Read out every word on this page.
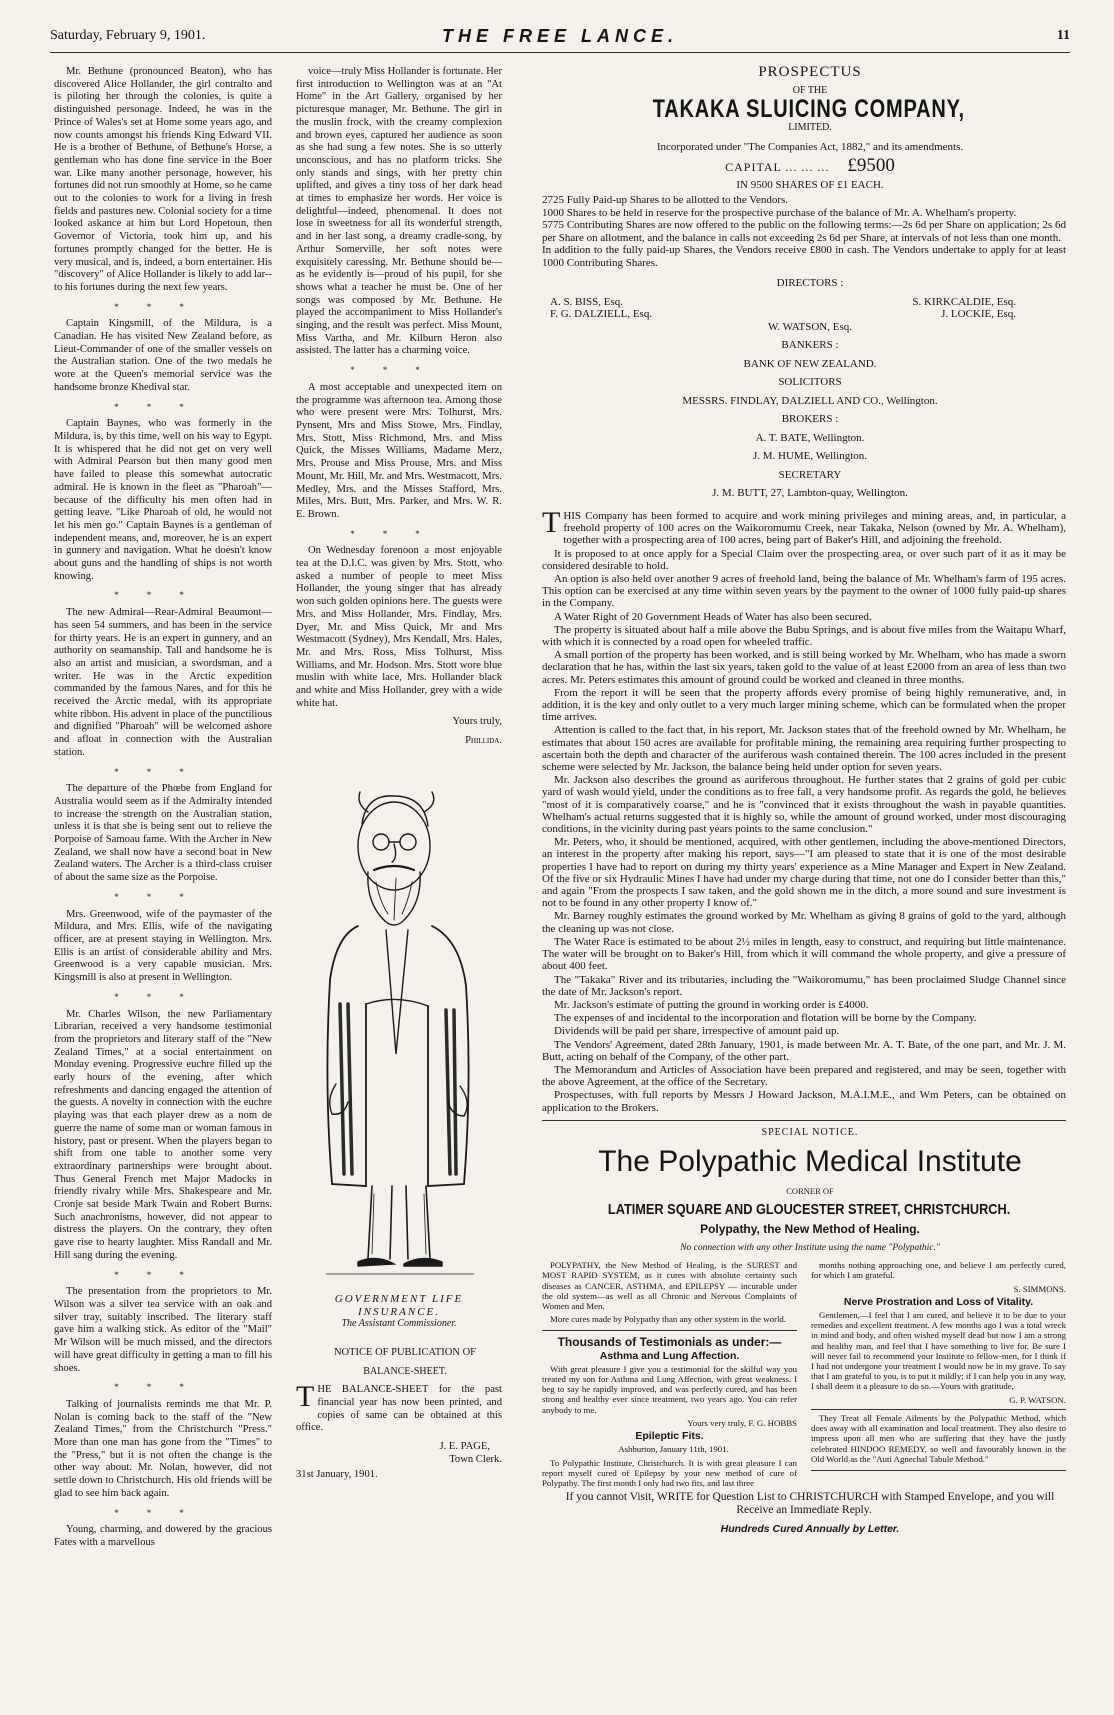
Saturday, February 9, 1901.	THE FREE LANCE.	11

Mr. Bethune (pronounced Beaton), who has discovered Alice Hollander, the girl contralto and is piloting her through the colonies, is quite a distinguished personage. Indeed, he was in the Prince of Wales's set at Home some years ago, and now counts amongst his friends King Edward VII. He is a brother of Bethune, of Bethune's Horse, a gentleman who has done fine service in the Boer war. Like many another personage, however, his fortunes did not run smoothly at Home, so he came out to the colonies to work for a living in fresh fields and pastures new. Colonial society for a time looked askance at him but Lord Hopetoun, then Governor of Victoria, took him up, and his fortunes promptly changed for the better. He is very musical, and is, indeed, a born entertainer. His "discovery" of Alice Hollander is likely to add lar-- to his fortunes during the next few years.

***

Captain Kingsmill, of the Mildura, is a Canadian. He has visited New Zealand before, as Lieut-Commander of one of the smaller vessels on the Australian station. One of the two medals he wore at the Queen's memorial service was the handsome bronze Khedival star.

***

Captain Baynes, who was formerly in the Mildura, is, by this time, well on his way to Egypt. It is whispered that he did not get on very well with Admiral Pearson but then many good men have failed to please this somewhat autocratic admiral. He is known in the fleet as "Pharoah"—because of the difficulty his men often had in getting leave. "Like Pharoah of old, he would not let his men go." Captain Baynes is a gentleman of independent means, and, moreover, he is an expert in gunnery and navigation. What he doesn't know about guns and the handling of ships is not worth knowing.

***

The new Admiral—Rear-Admiral Beaumont—has seen 54 summers, and has been in the service for thirty years. He is an expert in gunnery, and an authority on seamanship. Tall and handsome he is also an artist and musician, a swordsman, and a writer. He was in the Arctic expedition commanded by the famous Nares, and for this he received the Arctic medal, with its appropriate white ribbon. His advent in place of the punctilious and dignified "Pharoah" will be welcomed ashore and afloat in connection with the Australian station.

***

The departure of the Phœbe from England for Australia would seem as if the Admiralty intended to increase the strength on the Australian station, unless it is that she is being sent out to relieve the Porpoise of Samoau fame. With the Archer in New Zealand, we shall now have a second boat in New Zealand waters. The Archer is a third-class cruiser of about the same size as the Porpoise.

***

Mrs. Greenwood, wife of the paymaster of the Mildura, and Mrs. Ellis, wife of the navigating officer, are at present staying in Wellington. Mrs. Ellis is an artist of considerable ability and Mrs. Greenwood is a very capable musician. Mrs. Kingsmill is also at present in Wellington.

***

Mr. Charles Wilson, the new Parliamentary Librarian, received a very handsome testimonial from the proprietors and literary staff of the "New Zealand Times," at a social entertainment on Monday evening. Progressive euchre filled up the early hours of the evening, after which refreshments and dancing engaged the attention of the guests. A novelty in connection with the euchre playing was that each player drew as a nom de guerre the name of some man or woman famous in history, past or present. When the players began to shift from one table to another some very extraordinary partnerships were brought about. Thus General French met Major Madocks in friendly rivalry while Mrs. Shakespeare and Mr. Cronje sat beside Mark Twain and Robert Burns. Such anachronisms, however, did not appear to distress the players. On the contrary, they often gave rise to hearty laughter. Miss Randall and Mr. Hill sang during the evening.

***

The presentation from the proprietors to Mr. Wilson was a silver tea service with an oak and silver tray, suitably inscribed. The literary staff gave him a walking stick. As editor of the "Mail" Mr Wilson will be much missed, and the directors will have great difficulty in getting a man to fill his shoes.

***

Talking of journalists reminds me that Mr. P. Nolan is coming back to the staff of the "New Zealand Times," from the Christchurch "Press." More than one man has gone from the "Times" to the "Press," but it is not often the change is the other way about. Mr. Nolan, however, did not settle down to Christchurch. His old friends will be glad to see him back again.

***

Young, charming, and dowered by the gracious Fates with a marvellous

voice—truly Miss Hollander is fortunate. Her first introduction to Wellington was at an "At Home" in the Art Gallery, organised by her picturesque manager, Mr. Bethune. The girl in the muslin frock, with the creamy complexion and brown eyes, captured her audience as soon as she had sung a few notes. She is so utterly unconscious, and has no platform tricks. She only stands and sings, with her pretty chin uplifted, and gives a tiny toss of her dark head at times to emphasize her words. Her voice is delightful—indeed, phenomenal. It does not lose in sweetness for all its wonderful strength, and in her last song, a dreamy cradle-song, by Arthur Somerville, her soft notes were exquisitely caressing. Mr. Bethune should be—as he evidently is—proud of his pupil, for she shows what a teacher he must be. One of her songs was composed by Mr. Bethune. He played the accompaniment to Miss Hollander's singing, and the result was perfect. Miss Mount, Miss Vartha, and Mr. Kilburn Heron also assisted. The latter has a charming voice.

***

A most acceptable and unexpected item on the programme was afternoon tea. Among those who were present were Mrs. Tolhurst, Mrs. Pynsent, Mrs and Miss Stowe, Mrs. Findlay, Mrs. Stott, Miss Richmond, Mrs. and Miss Quick, the Misses Williams, Madame Merz, Mrs. Prouse and Miss Prouse, Mrs. and Miss Mount, Mr. Hill, Mr. and Mrs. Westmacott, Mrs. Medley, Mrs. and the Misses Stafford, Mrs. Miles, Mrs. Butt, Mrs. Parker, and Mrs. W. R. E. Brown.

***

On Wednesday forenoon a most enjoyable tea at the D.I.C. was given by Mrs. Stott, who asked a number of people to meet Miss Hollander, the young singer that has already won such golden opinions here. The guests were Mrs. and Miss Hollander, Mrs. Findlay, Mrs. Dyer, Mr. and Miss Quick, Mr and Mrs Westmacott (Sydney), Mrs Kendall, Mrs. Hales, Mr. and Mrs. Ross, Miss Tolhurst, Miss Williams, and Mr. Hodson. Mrs. Stott wore blue muslin with white lace, Mrs. Hollander black and white and Miss Hollander, grey with a wide white hat.

Yours truly,

Phillida.

GOVERNMENT LIFE INSURANCE.
The Assistant Commissioner.

NOTICE OF PUBLICATION OF

BALANCE-SHEET.

THE BALANCE-SHEET for the past financial year has now been printed, and copies of same can be obtained at this office.

J. E. PAGE,

Town Clerk.

31st January, 1901.

PROSPECTUS

OF THE

TAKAKA SLUICING COMPANY,

LIMITED.

Incorporated under "The Companies Act, 1882," and its amendments.

CAPITAL ... ... ... £9500

IN 9500 SHARES OF £1 EACH.

2725 Fully Paid-up Shares to be allotted to the Vendors.

1000 Shares to be held in reserve for the prospective purchase of the balance of Mr. A. Whelham's property.

5775 Contributing Shares are now offered to the public on the following terms:—2s 6d per Share on application; 2s 6d per Share on allotment, and the balance in calls not exceeding 2s 6d per Share, at intervals of not less than one month.

In addition to the fully paid-up Shares, the Vendors receive £800 in cash. The Vendors undertake to apply for at least 1000 Contributing Shares.

DIRECTORS :

A. S. BISS, Esq.	S. KIRKCALDIE, Esq.
F. G. DALZIELL, Esq.	J. LOCKIE, Esq.

W. WATSON, Esq.

BANKERS :

BANK OF NEW ZEALAND.

SOLICITORS

MESSRS. FINDLAY, DALZIELL AND CO., Wellington.

BROKERS :

A. T. BATE, Wellington.

J. M. HUME, Wellington.

SECRETARY

J. M. BUTT, 27, Lambton-quay, Wellington.

THIS Company has been formed to acquire and work mining privileges and mining areas, and, in particular, a freehold property of 100 acres on the Waikoromumu Creek, near Takaka, Nelson (owned by Mr. A. Whelham), together with a prospecting area of 100 acres, being part of Baker's Hill, and adjoining the freehold.

It is proposed to at once apply for a Special Claim over the prospecting area, or over such part of it as it may be considered desirable to hold.

An option is also held over another 9 acres of freehold land, being the balance of Mr. Whelham's farm of 195 acres. This option can be exercised at any time within seven years by the payment to the owner of 1000 fully paid-up shares in the Company.

A Water Right of 20 Government Heads of Water has also been secured.

The property is situated about half a mile above the Bubu Springs, and is about five miles from the Waitapu Wharf, with which it is connected by a road open for wheeled traffic.

A small portion of the property has been worked, and is still being worked by Mr. Whelham, who has made a sworn declaration that he has, within the last six years, taken gold to the value of at least £2000 from an area of less than two acres. Mr. Peters estimates this amount of ground could be worked and cleaned in three months.

From the report it will be seen that the property affords every promise of being highly remunerative, and, in addition, it is the key and only outlet to a very much larger mining scheme, which can be formulated when the proper time arrives.

Attention is called to the fact that, in his report, Mr. Jackson states that of the freehold owned by Mr. Whelham, he estimates that about 150 acres are available for profitable mining, the remaining area requiring further prospecting to ascertain both the depth and character of the auriferous wash contained therein. The 100 acres included in the present scheme were selected by Mr. Jackson, the balance being held under option for seven years.

Mr. Jackson also describes the ground as auriferous throughout. He further states that 2 grains of gold per cubic yard of wash would yield, under the conditions as to free fall, a very handsome profit. As regards the gold, he believes "most of it is comparatively coarse," and he is "convinced that it exists throughout the wash in payable quantities. Whelham's actual returns suggested that it is highly so, while the amount of ground worked, under most discouraging conditions, in the vicinity during past years points to the same conclusion."

Mr. Peters, who, it should be mentioned, acquired, with other gentlemen, including the above-mentioned Directors, an interest in the property after making his report, says—"I am pleased to state that it is one of the most desirable properties I have had to report on during my thirty years' experience as a Mine Manager and Expert in New Zealand. Of the five or six Hydraulic Mines I have had under my charge during that time, not one do I consider better than this," and again "From the prospects I saw taken, and the gold shown me in the ditch, a more sound and sure investment is not to be found in any other property I know of."

Mr. Barney roughly estimates the ground worked by Mr. Whelham as giving 8 grains of gold to the yard, although the cleaning up was not close.

The Water Race is estimated to be about 2½ miles in length, easy to construct, and requiring but little maintenance. The water will be brought on to Baker's Hill, from which it will command the whole property, and give a pressure of about 400 feet.

The "Takaka" River and its tributaries, including the "Waikoromumu," has been proclaimed Sludge Channel since the date of Mr. Jackson's report.

Mr. Jackson's estimate of putting the ground in working order is £4000.

The expenses of and incidental to the incorporation and flotation will be borne by the Company.

Dividends will be paid per share, irrespective of amount paid up.

The Vendors' Agreement, dated 28th January, 1901, is made between Mr. A. T. Bate, of the one part, and Mr. J. M. Butt, acting on behalf of the Company, of the other part.

The Memorandum and Articles of Association have been prepared and registered, and may be seen, together with the above Agreement, at the office of the Secretary.

Prospectuses, with full reports by Messrs J Howard Jackson, M.A.I.M.E., and Wm Peters, can be obtained on application to the Brokers.

SPECIAL NOTICE.

The Polypathic Medical Institute

CORNER OF

LATIMER SQUARE AND GLOUCESTER STREET, CHRISTCHURCH.

Polypathy, the New Method of Healing.

No connection with any other Institute using the name "Polypathic."

POLYPATHY, the New Method of Healing, is the SUREST and MOST RAPID SYSTEM, as it cures with absolute certainty such diseases as CANCER, ASTHMA, and EPILEPSY — incurable under the old system—as well as all Chronic and Nervous Complaints of Women and Men.

More cures made by Polypathy than any other system in the world.

Thousands of Testimonials as under:—

Asthma and Lung Affection.

With great pleasure I give you a testimonial for the skilful way you treated my son for Asthma and Lung Affection, with great weakness. I beg to say he rapidly improved, and was perfectly cured, and has been strong and healthy ever since treatment, two years ago. You can refer anybody to me.

Yours very truly, F. G. HOBBS

Epileptic Fits.

Ashburton, January 11th, 1901.

To Polypathic Institute, Christchurch. It is with great pleasure I can report myself cured of Epilepsy by your new method of cure of Polypathy. The first month I only had two fits, and last three

months nothing approaching one, and believe I am perfectly cured, for which I am grateful.

S. SIMMONS.

Nerve Prostration and Loss of Vitality.

Gentlemen,—I feel that I am cured, and believe it to be due to your remedies and excellent treatment. A few months ago I was a total wreck in mind and body, and often wished myself dead but now I am a strong and healthy man, and feel that I have something to live for. Be sure I will never fail to recommend your Institute to fellow-men, for I think if I had not undergone your treatment I would now be in my grave. To say that I am grateful to you, is to put it mildly; if I can help you in any way, I shall deem it a pleasure to do so.—Yours with gratitude,

G. P. WATSON.

They Treat all Female Ailments by the Polypathic Method, which does away with all examination and local treatment. They also desire to impress upon all men who are suffering that they have the justly celebrated HINDOO REMEDY, so well and favourably known in the Old World as the "Auti Agnechal Tabule Method."

If you cannot Visit, WRITE for Question List to CHRISTCHURCH with Stamped Envelope, and you will Receive an Immediate Reply.

Hundreds Cured Annually by Letter.
